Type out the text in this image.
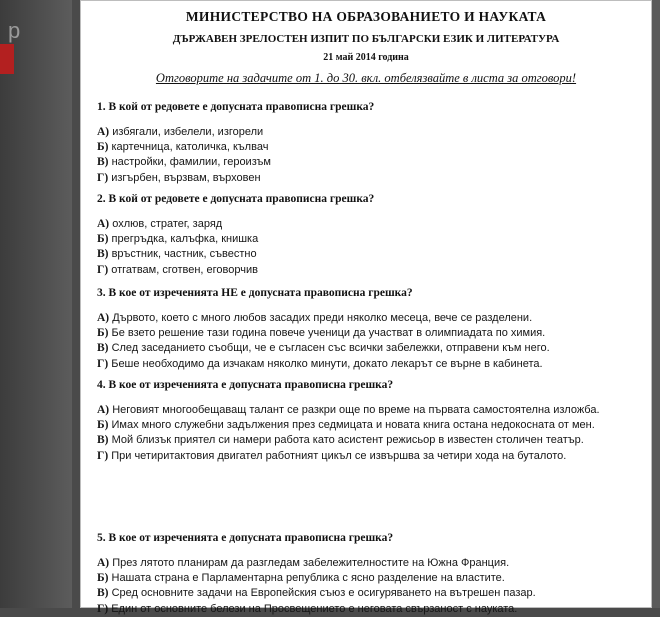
р
МИНИСТЕРСТВО НА ОБРАЗОВАНИЕТО И НАУКАТА
ДЪРЖАВЕН ЗРЕЛОСТЕН ИЗПИТ ПО БЪЛГАРСКИ ЕЗИК И ЛИТЕРАТУРА
21 май 2014 година
Отговорите на задачите от 1. до 30. вкл. отбелязвайте в листа за отговори!
1. В кой от редовете е допусната правописна грешка?
А) избягали, избелели, изгорели
Б) картечница, католичка, кълвач
В) настройки, фамилии, героизъм
Г) изгърбен, вързвам, върховен
2. В кой от редовете е допусната правописна грешка?
А) охлюв, стратег, заряд
Б) прегръдка, калъфка, книшка
В) връстник, частник, съвестно
Г) отгатвам, сготвен, еговорчив
3. В кое от изреченията НЕ е допусната правописна грешка?
А) Дървото, което с много любов засадих преди няколко месеца, вече се разделени.
Б) Бе взето решение тази година повече ученици да участват в олимпиадата по химия.
В) След заседанието съобщи, че е съгласен със всички забележки, отправени към него.
Г) Беше необходимо да изчакам няколко минути, докато лекарът се върне в кабинета.
4. В кое от изреченията е допусната правописна грешка?
А) Неговият многообещаващ талант се разкри още по време на първата самостоятелна изложба.
Б) Имах много служебни задължения през седмицата и новата книга остана недокосната от мен.
В) Мой близък приятел си намери работа като асистент режисьор в известен столичен театър.
Г) При четиритактовия двигател работният цикъл се извършва за четири хода на буталото.
5. В кое от изреченията е допусната правописна грешка?
А) През лятото планирам да разгледам забележителностите на Южна Франция.
Б) Нашата страна е Парламентарна република с ясно разделение на властите.
В) Сред основните задачи на Европейския съюз е осигуряването на вътрешен пазар.
Г) Един от основните белези на Просвещението е неговата свързаност с науката.
